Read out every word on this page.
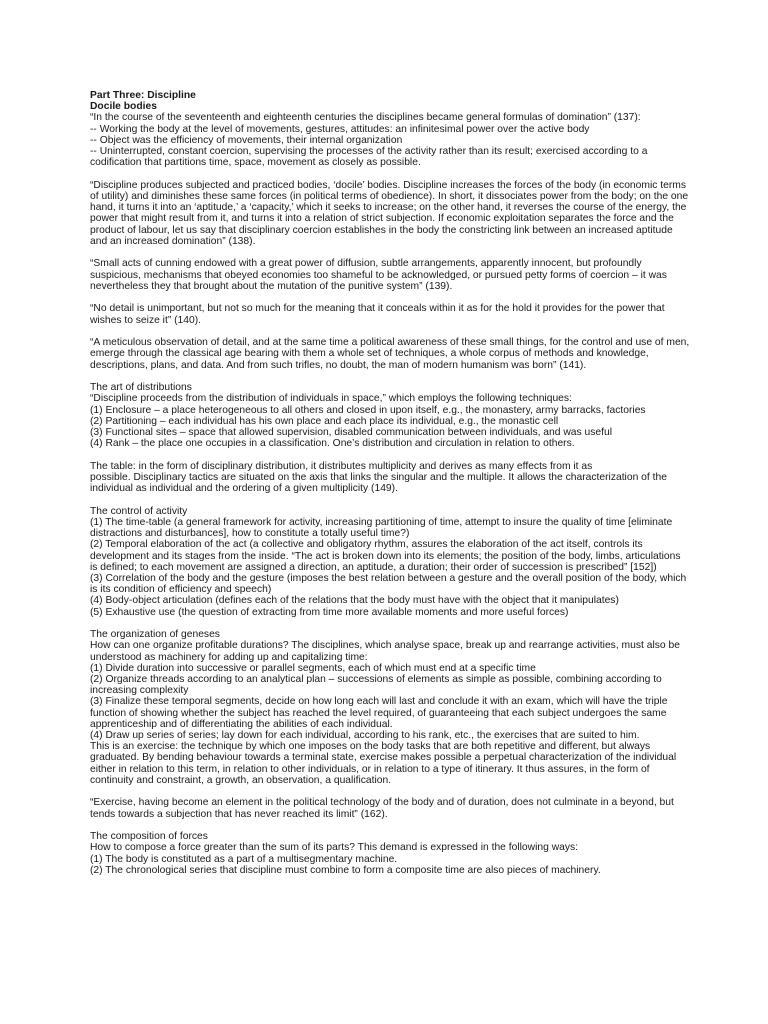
Part Three: Discipline
Docile bodies
“In the course of the seventeenth and eighteenth centuries the disciplines became general formulas of domination” (137):
-- Working the body at the level of movements, gestures, attitudes: an infinitesimal power over the active body
-- Object was the efficiency of movements, their internal organization
-- Uninterrupted, constant coercion, supervising the processes of the activity rather than its result; exercised according to a
codification that partitions time, space, movement as closely as possible.
“Discipline produces subjected and practiced bodies, ‘docile’ bodies. Discipline increases the forces of the body (in economic terms
of utility) and diminishes these same forces (in political terms of obedience). In short, it dissociates power from the body; on the one
hand, it turns it into an ‘aptitude,’ a ‘capacity,’ which it seeks to increase; on the other hand, it reverses the course of the energy, the
power that might result from it, and turns it into a relation of strict subjection. If economic exploitation separates the force and the
product of labour, let us say that disciplinary coercion establishes in the body the constricting link between an increased aptitude
and an increased domination” (138).
“Small acts of cunning endowed with a great power of diffusion, subtle arrangements, apparently innocent, but profoundly
suspicious, mechanisms that obeyed economies too shameful to be acknowledged, or pursued petty forms of coercion – it was
nevertheless they that brought about the mutation of the punitive system” (139).
“No detail is unimportant, but not so much for the meaning that it conceals within it as for the hold it provides for the power that
wishes to seize it” (140).
“A meticulous observation of detail, and at the same time a political awareness of these small things, for the control and use of men,
emerge through the classical age bearing with them a whole set of techniques, a whole corpus of methods and knowledge,
descriptions, plans, and data. And from such trifles, no doubt, the man of modern humanism was born” (141).
The art of distributions
“Discipline proceeds from the distribution of individuals in space,” which employs the following techniques:
(1) Enclosure – a place heterogeneous to all others and closed in upon itself, e.g., the monastery, army barracks, factories
(2) Partitioning – each individual has his own place and each place its individual, e.g., the monastic cell
(3) Functional sites – space that allowed supervision, disabled communication between individuals, and was useful
(4) Rank – the place one occupies in a classification. One’s distribution and circulation in relation to others.
The table: in the form of disciplinary distribution, it distributes multiplicity and derives as many effects from it as
possible. Disciplinary tactics are situated on the axis that links the singular and the multiple. It allows the characterization of the
individual as individual and the ordering of a given multiplicity (149).
The control of activity
(1) The time-table (a general framework for activity, increasing partitioning of time, attempt to insure the quality of time [eliminate
distractions and disturbances], how to constitute a totally useful time?)
(2) Temporal elaboration of the act (a collective and obligatory rhythm, assures the elaboration of the act itself, controls its
development and its stages from the inside. “The act is broken down into its elements; the position of the body, limbs, articulations
is defined; to each movement are assigned a direction, an aptitude, a duration; their order of succession is prescribed” [152])
(3) Correlation of the body and the gesture (imposes the best relation between a gesture and the overall position of the body, which
is its condition of efficiency and speech)
(4) Body-object articulation (defines each of the relations that the body must have with the object that it manipulates)
(5) Exhaustive use (the question of extracting from time more available moments and more useful forces)
The organization of geneses
How can one organize profitable durations? The disciplines, which analyse space, break up and rearrange activities, must also be
understood as machinery for adding up and capitalizing time:
(1) Divide duration into successive or parallel segments, each of which must end at a specific time
(2) Organize threads according to an analytical plan – successions of elements as simple as possible, combining according to
increasing complexity
(3) Finalize these temporal segments, decide on how long each will last and conclude it with an exam, which will have the triple
function of showing whether the subject has reached the level required, of guaranteeing that each subject undergoes the same
apprenticeship and of differentiating the abilities of each individual.
(4) Draw up series of series; lay down for each individual, according to his rank, etc., the exercises that are suited to him.
This is an exercise: the technique by which one imposes on the body tasks that are both repetitive and different, but always
graduated. By bending behaviour towards a terminal state, exercise makes possible a perpetual characterization of the individual
either in relation to this term, in relation to other individuals, or in relation to a type of itinerary. It thus assures, in the form of
continuity and constraint, a growth, an observation, a qualification.
“Exercise, having become an element in the political technology of the body and of duration, does not culminate in a beyond, but
tends towards a subjection that has never reached its limit” (162).
The composition of forces
How to compose a force greater than the sum of its parts? This demand is expressed in the following ways:
(1) The body is constituted as a part of a multisegmentary machine.
(2) The chronological series that discipline must combine to form a composite time are also pieces of machinery.
